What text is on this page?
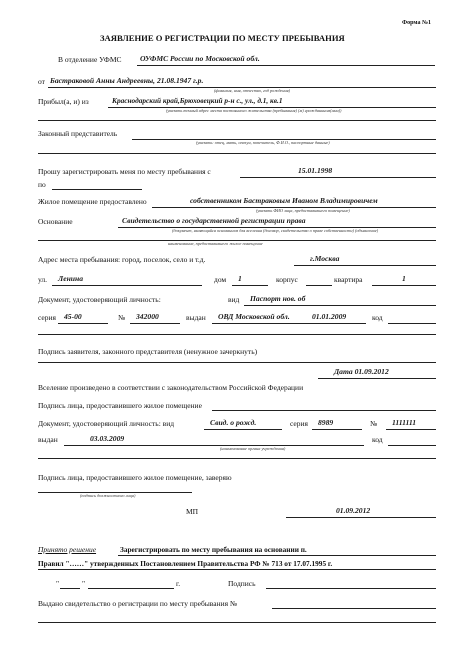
Форма №1
ЗАЯВЛЕНИЕ О РЕГИСТРАЦИИ ПО МЕСТУ ПРЕБЫВАНИЯ
В отделение УФМС ОУФМС России по Московской обл.
от Бастраковой Анны Андреевны, 21.08.1947 г.р.
(фамилия, имя, отчество, год рождения)
Прибыл(а, и) из	Краснодарский край,Брюховецкий р-н с., ул., д.1, кв.1
(указать точный адрес места постоянного жительства (пребывания) (м) гражданином(ами))
Законный представитель
(указать: отец, мать, опекун, попечитель, Ф.И.О., паспортные данные)
Прошу зарегистрировать меня по месту пребывания с	15.01.1998
по
Жилое помещение предоставлено	собственником Бастраковым Иваном Владимировичем
(указать ФИО лица, предоставившего помещение)
Основание	Свидетельство о государственной регистрации права
(документ, являющийся основанием для вселения (договор, свидетельство о праве собственности) (объявление)
наименование, предоставившего жилое помещение
Адрес места пребывания: город, поселок, село и т.д.	г.Москва
ул. Ленина	дом 1	корпус	квартира	1
Документ, удостоверяющий личность:	вид Паспорт нов. об
серия 45-00	№ 342000	выдан ОВД Московской обл.	01.01.2009	код
Подпись заявителя, законного представителя (ненужное зачеркнуть)
Дата 01.09.2012
Вселение произведено в соответствии с законодательством Российской Федерации
Подпись лица, предоставившего жилое помещение
Документ, удостоверяющий личность: вид	Свид. о рожд.	серия 8989	№ 1111111
выдан	03.03.2009
(наименование органа учреждения)
код
Подпись лица, предоставившего жилое помещение, заверяю
(подпись должностного лица)
МП	01.09.2012
Принято решение	Зарегистрировать по месту пребывания на основании п.
Правил "……" утвержденных Постановлением Правительства РФ № 713 от 17.07.1995 г.
"	"	г.	Подпись
Выдано свидетельство о регистрации по месту пребывания №
